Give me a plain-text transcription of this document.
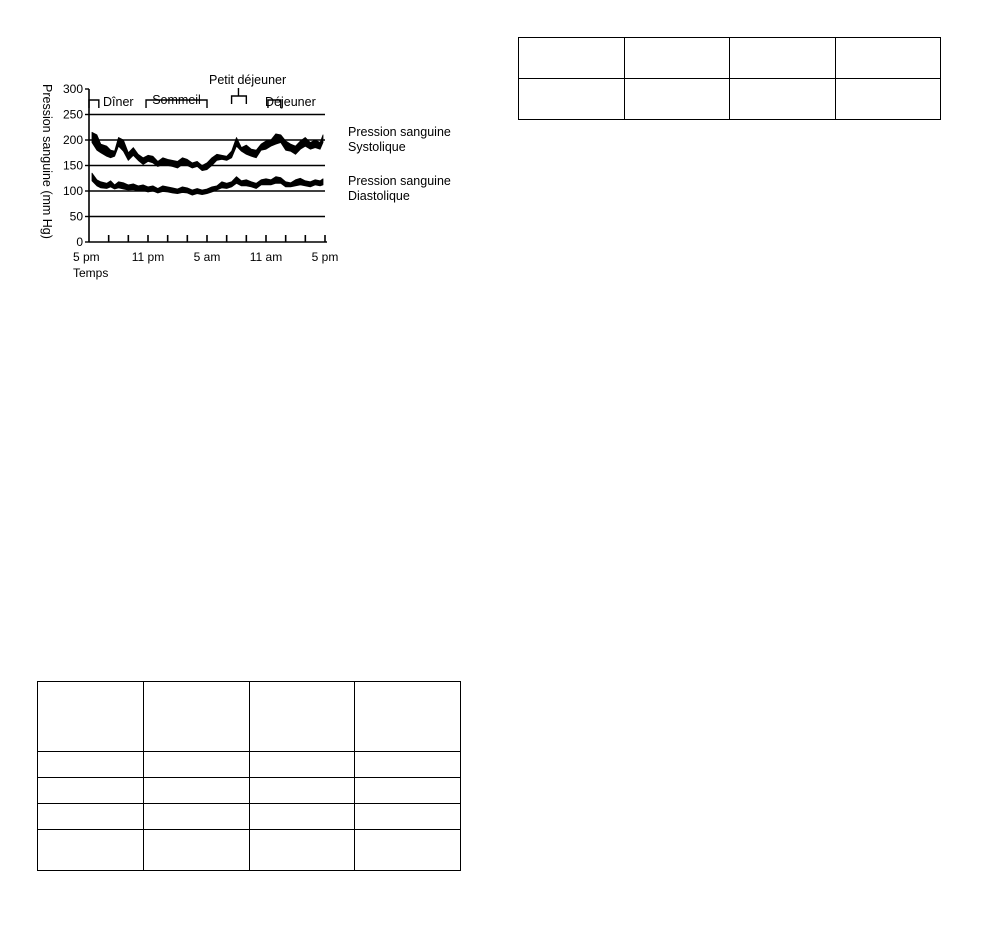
0
50
100
150
200
250
300
5 pm	11 pm 5 am 11 am 5 pm
Dîner Sommeil
Petit déjeuner
Déjeuner
Pression sanguine (mm Hg)
Temps
Pression sanguine Systolique
Pression sanguine Diastolique
